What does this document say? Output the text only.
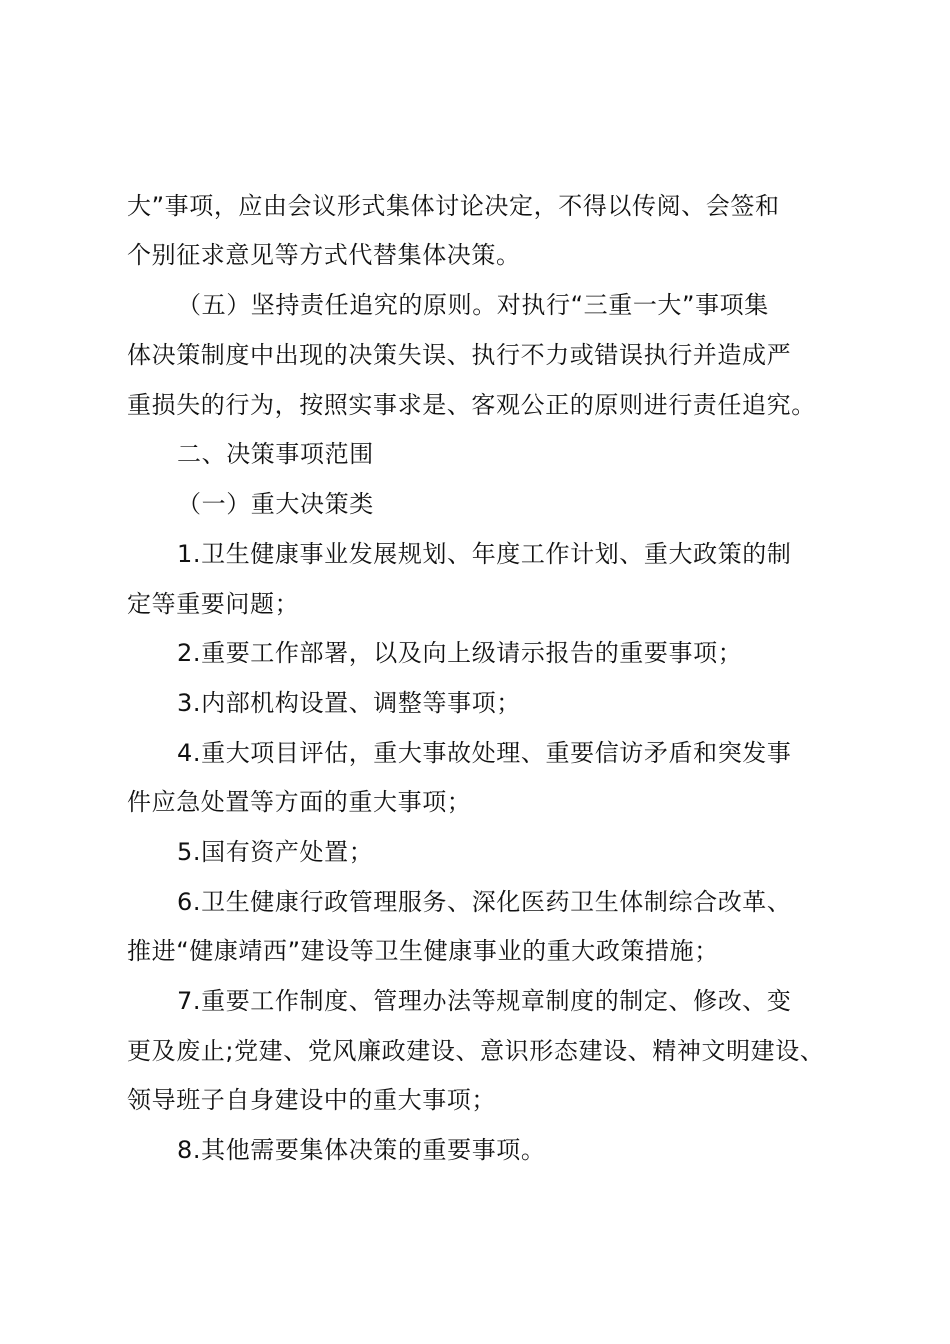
大”事项，应由会议形式集体讨论决定，不得以传阅、会签和
个别征求意见等方式代替集体决策。
（五）坚持责任追究的原则。对执行“三重一大”事项集
体决策制度中出现的决策失误、执行不力或错误执行并造成严
重损失的行为，按照实事求是、客观公正的原则进行责任追究。
二、决策事项范围
（一）重大决策类
1.卫生健康事业发展规划、年度工作计划、重大政策的制
定等重要问题；
2.重要工作部署，以及向上级请示报告的重要事项；
3.内部机构设置、调整等事项；
4.重大项目评估，重大事故处理、重要信访矛盾和突发事
件应急处置等方面的重大事项；
5.国有资产处置；
6.卫生健康行政管理服务、深化医药卫生体制综合改革、
推进“健康靖西”建设等卫生健康事业的重大政策措施；
7.重要工作制度、管理办法等规章制度的制定、修改、变
更及废止;党建、党风廉政建设、意识形态建设、精神文明建设、
领导班子自身建设中的重大事项；
8.其他需要集体决策的重要事项。
